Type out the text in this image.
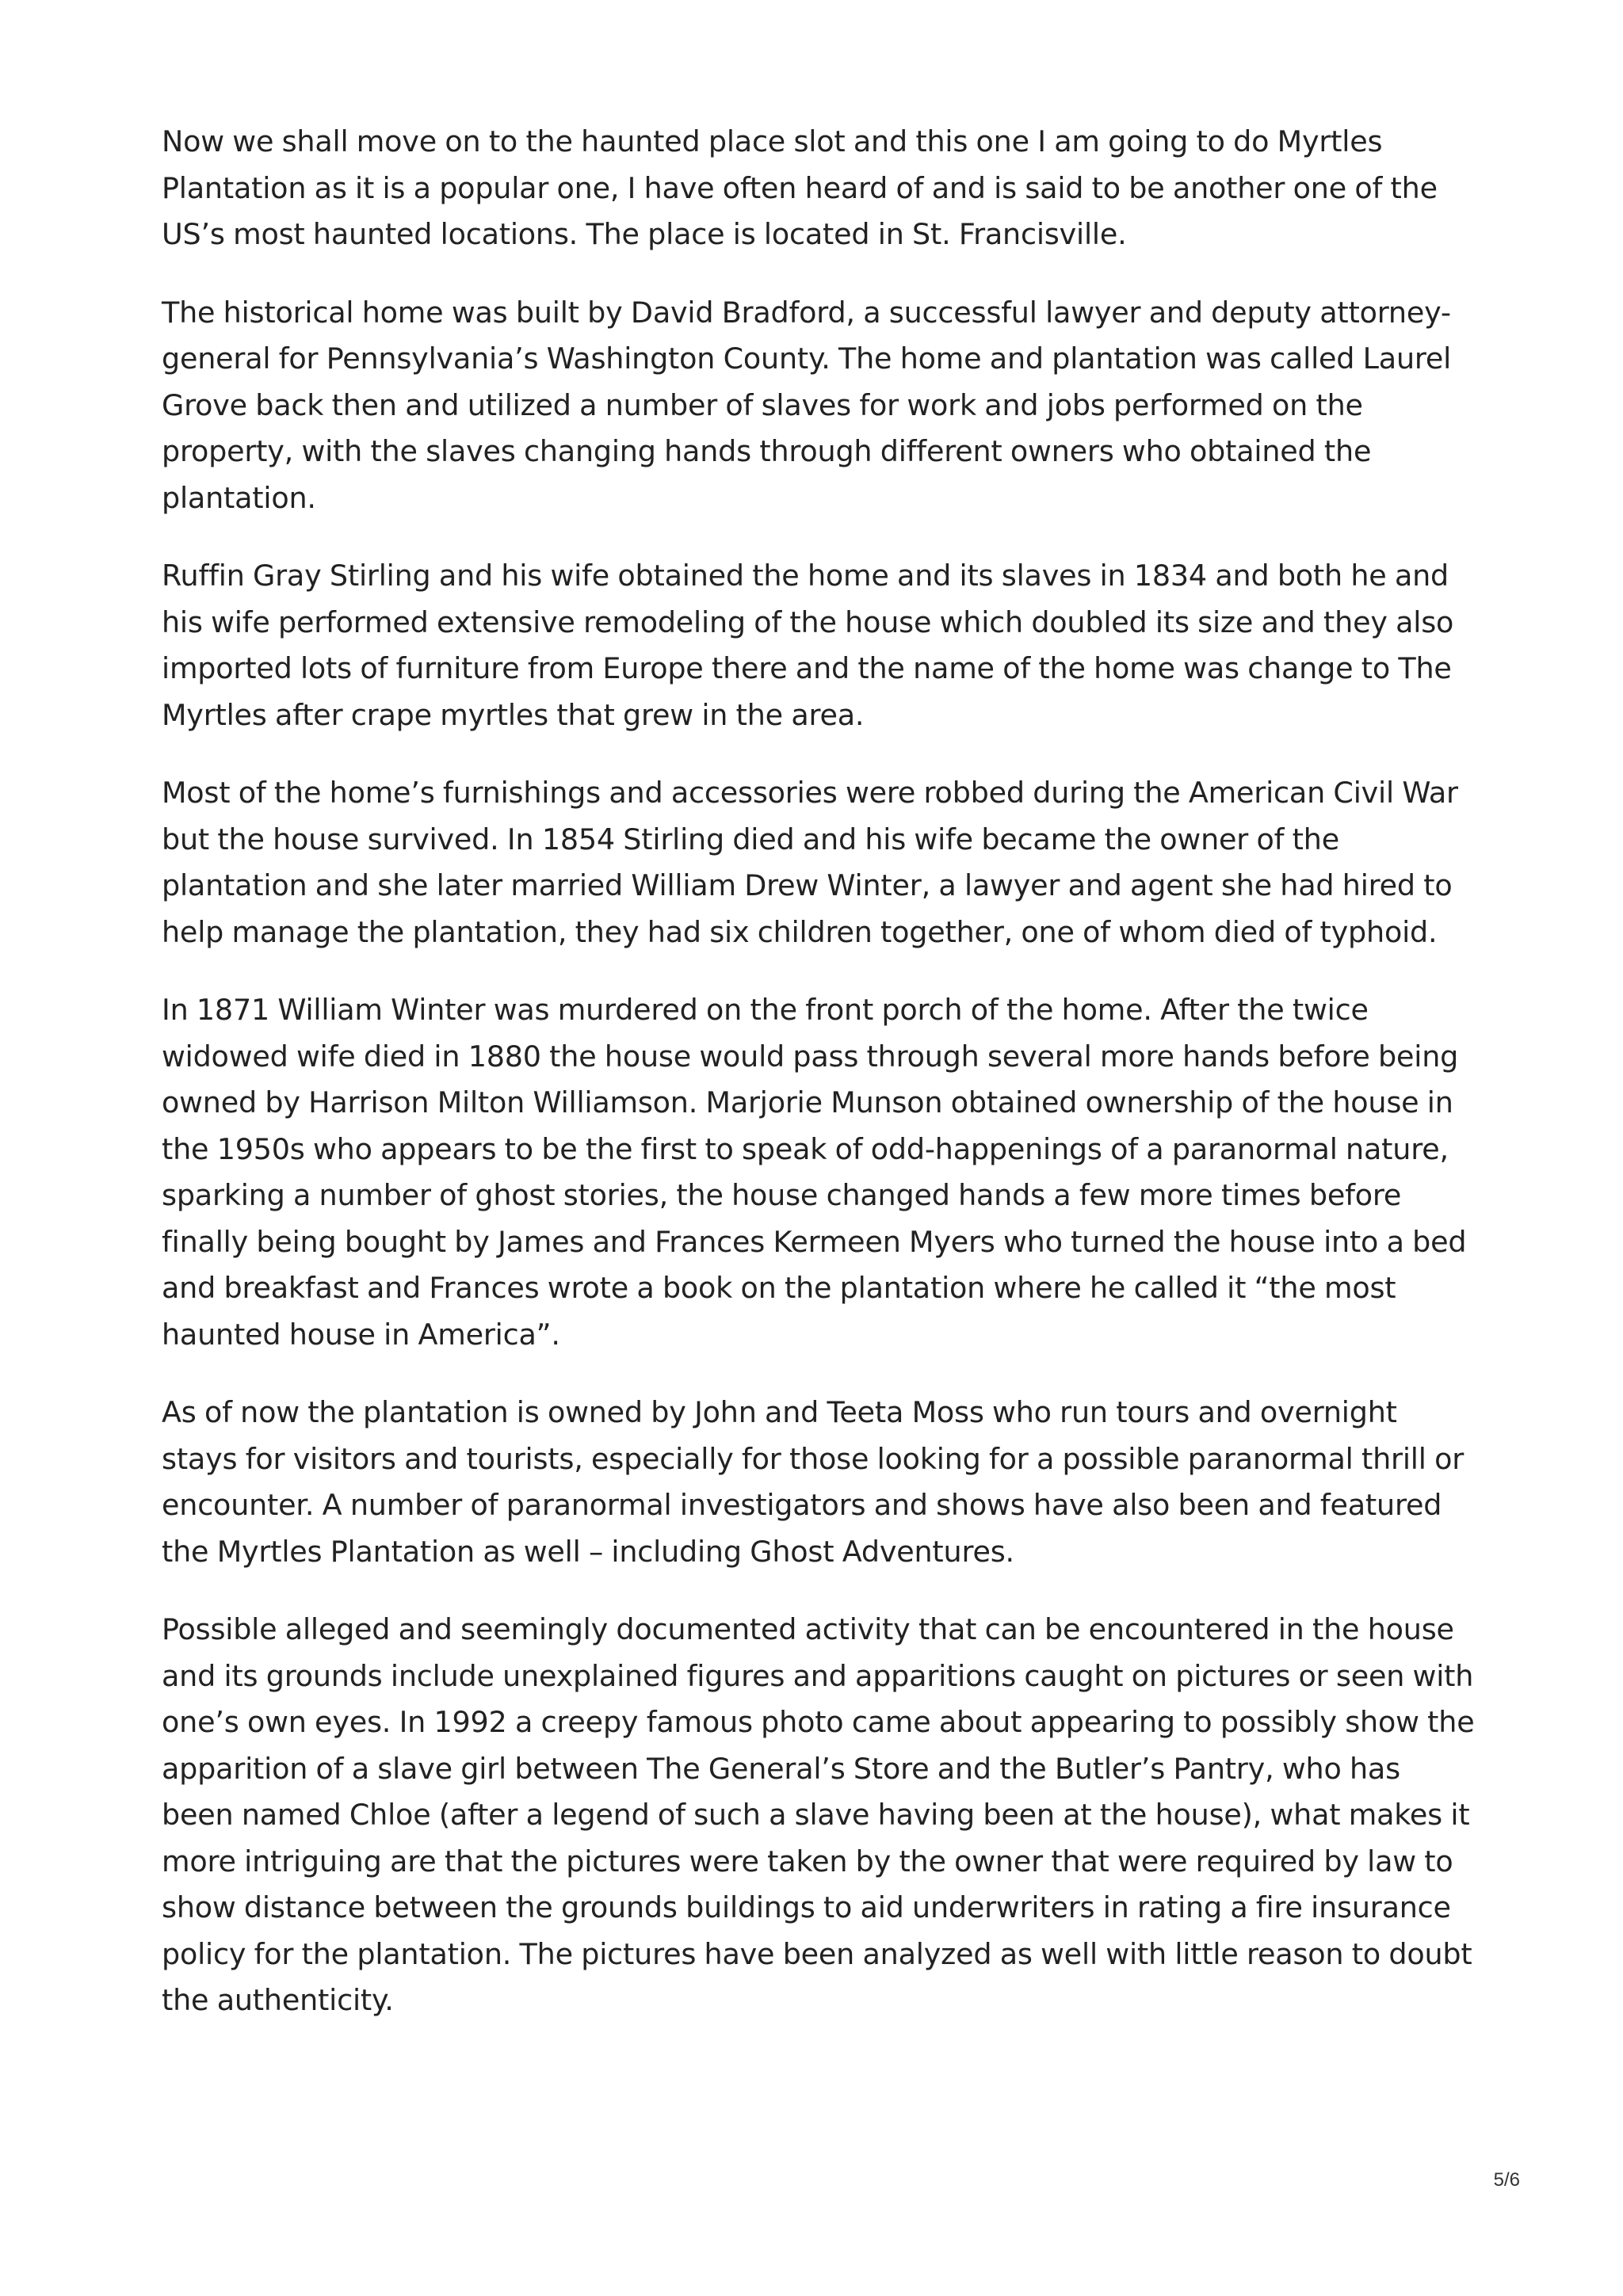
Now we shall move on to the haunted place slot and this one I am going to do Myrtles Plantation as it is a popular one, I have often heard of and is said to be another one of the US’s most haunted locations. The place is located in St. Francisville.

The historical home was built by David Bradford, a successful lawyer and deputy attorney-general for Pennsylvania’s Washington County. The home and plantation was called Laurel Grove back then and utilized a number of slaves for work and jobs performed on the property, with the slaves changing hands through different owners who obtained the plantation.

Ruffin Gray Stirling and his wife obtained the home and its slaves in 1834 and both he and his wife performed extensive remodeling of the house which doubled its size and they also imported lots of furniture from Europe there and the name of the home was change to The Myrtles after crape myrtles that grew in the area.

Most of the home’s furnishings and accessories were robbed during the American Civil War but the house survived. In 1854 Stirling died and his wife became the owner of the plantation and she later married William Drew Winter, a lawyer and agent she had hired to help manage the plantation, they had six children together, one of whom died of typhoid.

In 1871 William Winter was murdered on the front porch of the home. After the twice widowed wife died in 1880 the house would pass through several more hands before being owned by Harrison Milton Williamson. Marjorie Munson obtained ownership of the house in the 1950s who appears to be the first to speak of odd-happenings of a paranormal nature, sparking a number of ghost stories, the house changed hands a few more times before finally being bought by James and Frances Kermeen Myers who turned the house into a bed and breakfast and Frances wrote a book on the plantation where he called it “the most haunted house in America”.

As of now the plantation is owned by John and Teeta Moss who run tours and overnight stays for visitors and tourists, especially for those looking for a possible paranormal thrill or encounter. A number of paranormal investigators and shows have also been and featured the Myrtles Plantation as well – including Ghost Adventures.

Possible alleged and seemingly documented activity that can be encountered in the house and its grounds include unexplained figures and apparitions caught on pictures or seen with one’s own eyes. In 1992 a creepy famous photo came about appearing to possibly show the apparition of a slave girl between The General’s Store and the Butler’s Pantry, who has been named Chloe (after a legend of such a slave having been at the house), what makes it more intriguing are that the pictures were taken by the owner that were required by law to show distance between the grounds buildings to aid underwriters in rating a fire insurance policy for the plantation. The pictures have been analyzed as well with little reason to doubt the authenticity.

5/6
